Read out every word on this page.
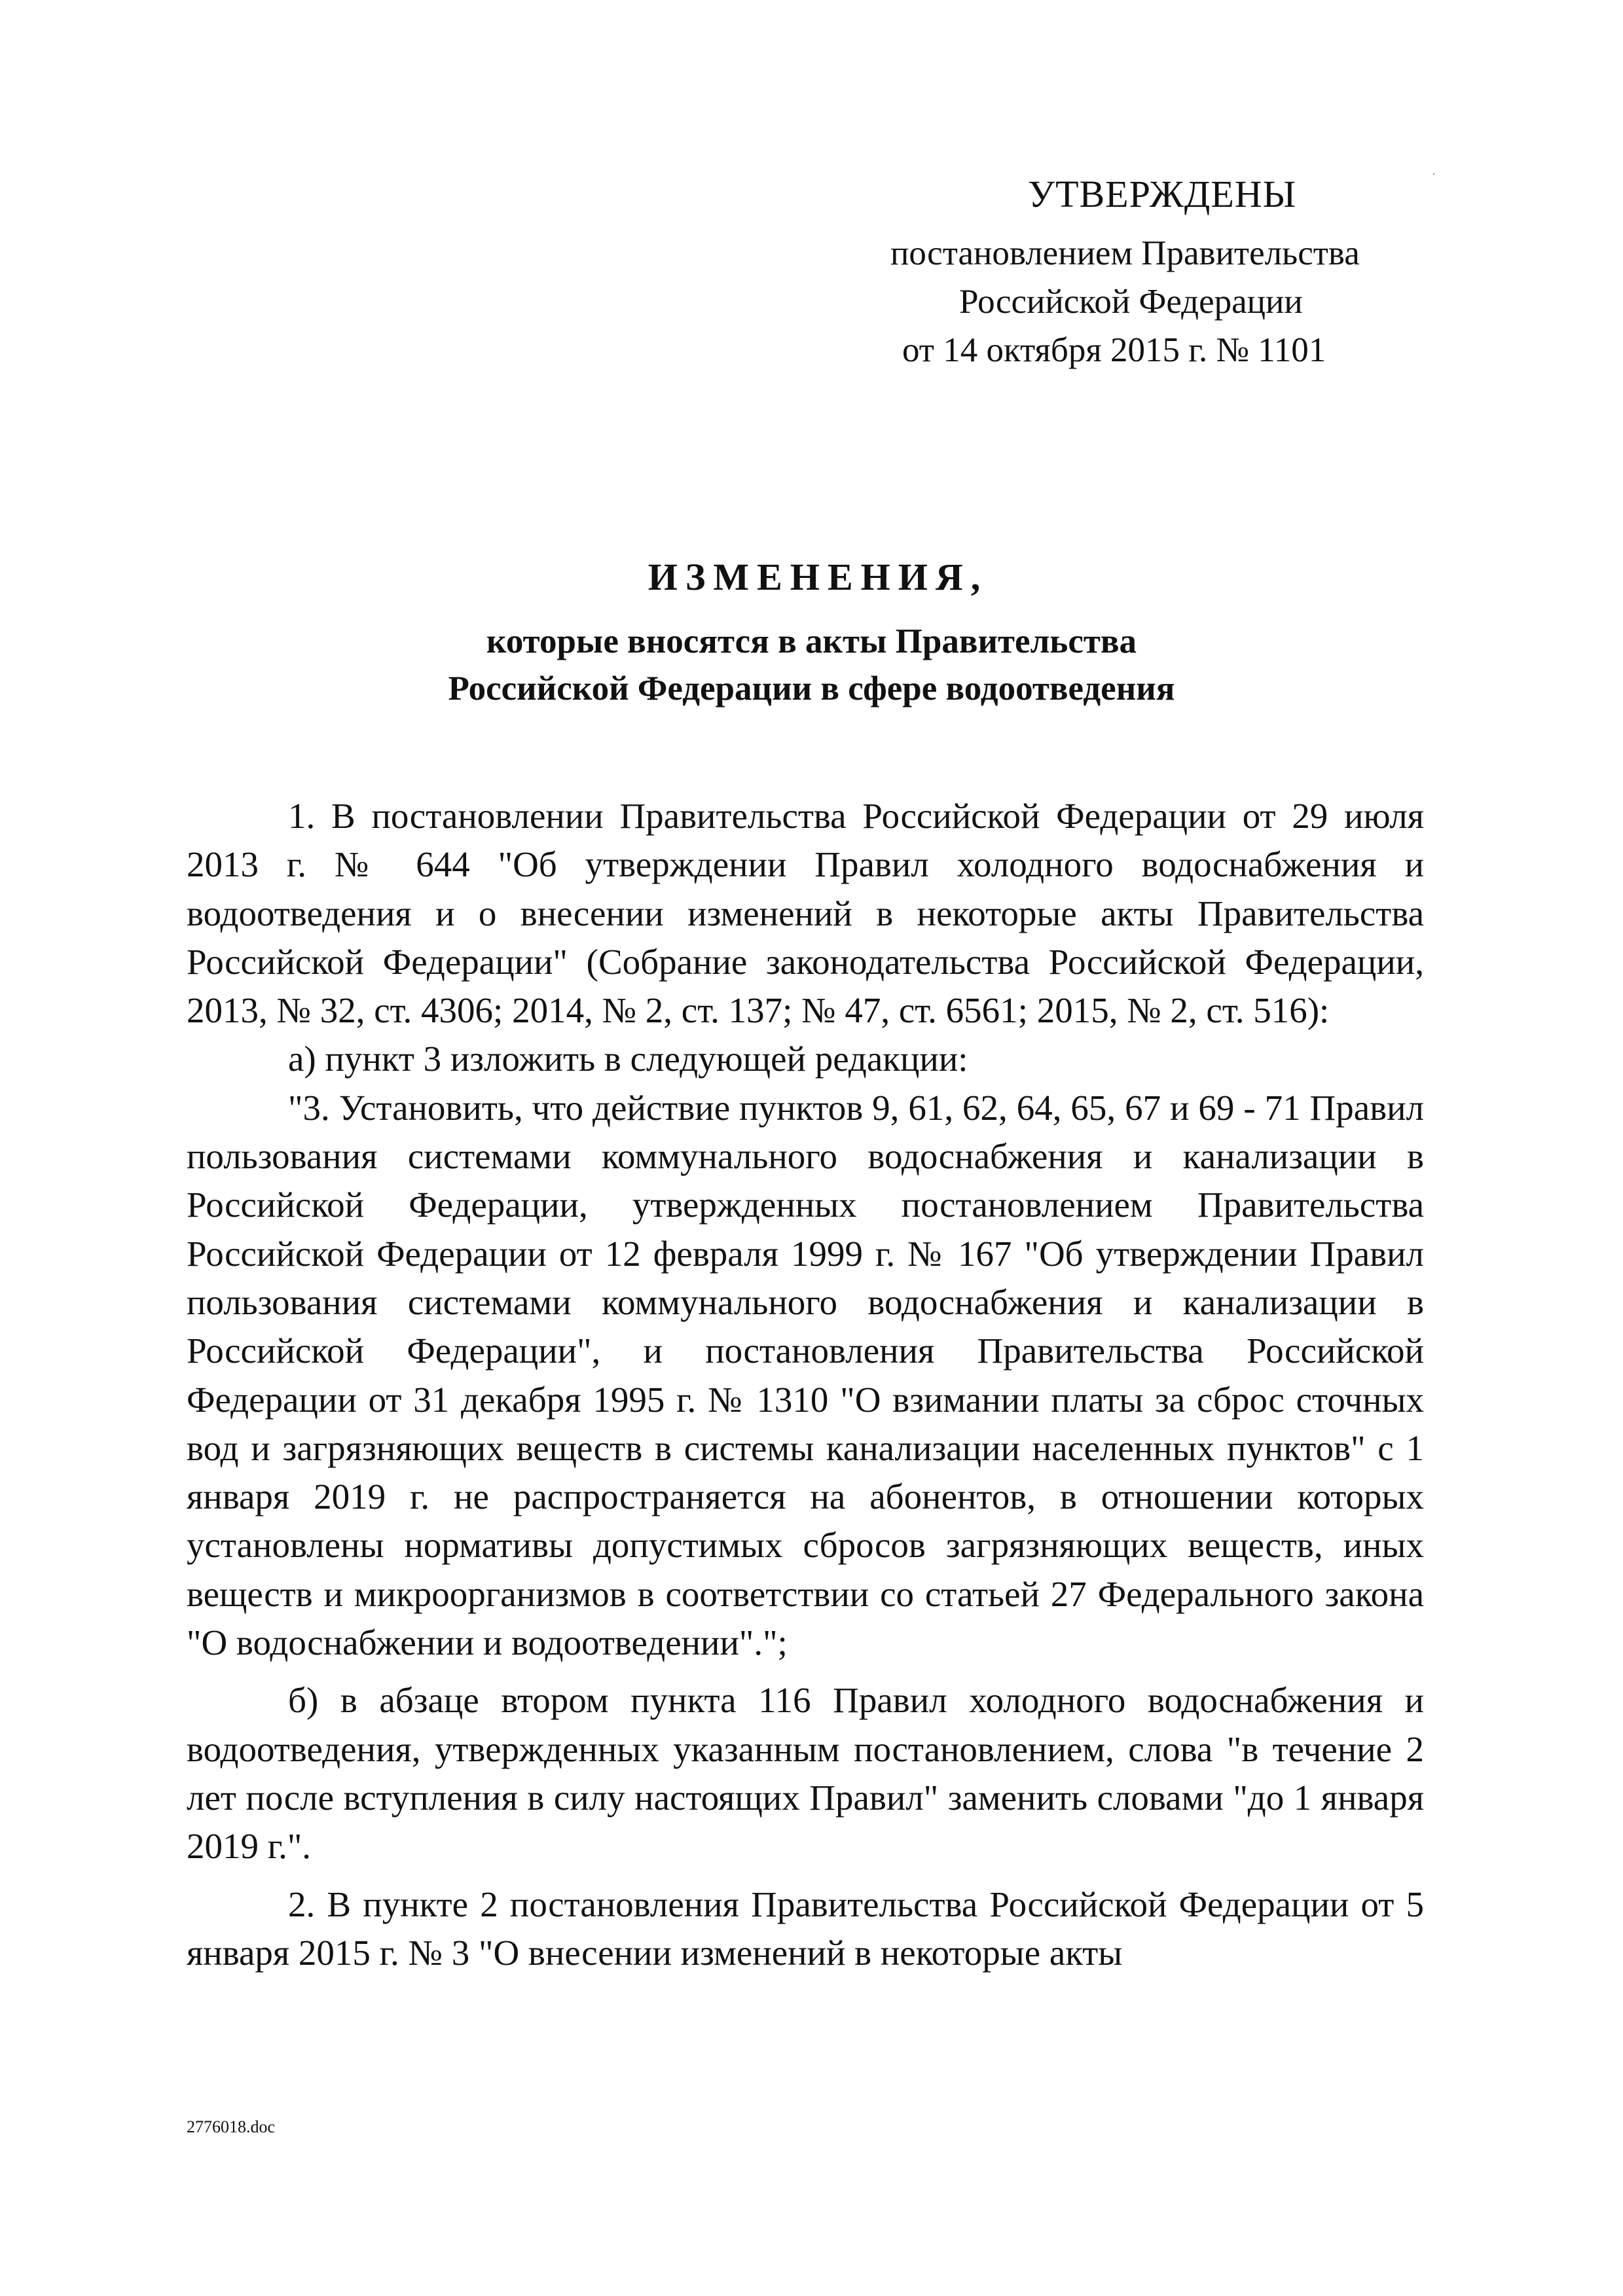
УТВЕРЖДЕНЫ
постановлением Правительства
Российской Федерации
от 14 октября 2015 г. № 1101
ИЗМЕНЕНИЯ,
которые вносятся в акты Правительства
Российской Федерации в сфере водоотведения

1. В постановлении Правительства Российской Федерации от 29 июля 2013 г. № 644 "Об утверждении Правил холодного водоснабжения и водоотведения и о внесении изменений в некоторые акты Правительства Российской Федерации" (Собрание законодательства Российской Федерации, 2013, № 32, ст. 4306; 2014, № 2, ст. 137; № 47, ст. 6561; 2015, № 2, ст. 516):

а) пункт 3 изложить в следующей редакции:

"3. Установить, что действие пунктов 9, 61, 62, 64, 65, 67 и 69 - 71 Правил пользования системами коммунального водоснабжения и канализации в Российской Федерации, утвержденных постановлением Правительства Российской Федерации от 12 февраля 1999 г. № 167 "Об утверждении Правил пользования системами коммунального водоснабжения и канализации в Российской Федерации", и постановления Правительства Российской Федерации от 31 декабря 1995 г. № 1310 "О взимании платы за сброс сточных вод и загрязняющих веществ в системы канализации населенных пунктов" с 1 января 2019 г. не распространяется на абонентов, в отношении которых установлены нормативы допустимых сбросов загрязняющих веществ, иных веществ и микроорганизмов в соответствии со статьей 27 Федерального закона "О водоснабжении и водоотведении".";

б) в абзаце втором пункта 116 Правил холодного водоснабжения и водоотведения, утвержденных указанным постановлением, слова "в течение 2 лет после вступления в силу настоящих Правил" заменить словами "до 1 января 2019 г.".

2. В пункте 2 постановления Правительства Российской Федерации от 5 января 2015 г. № 3 "О внесении изменений в некоторые акты

2776018.doc
